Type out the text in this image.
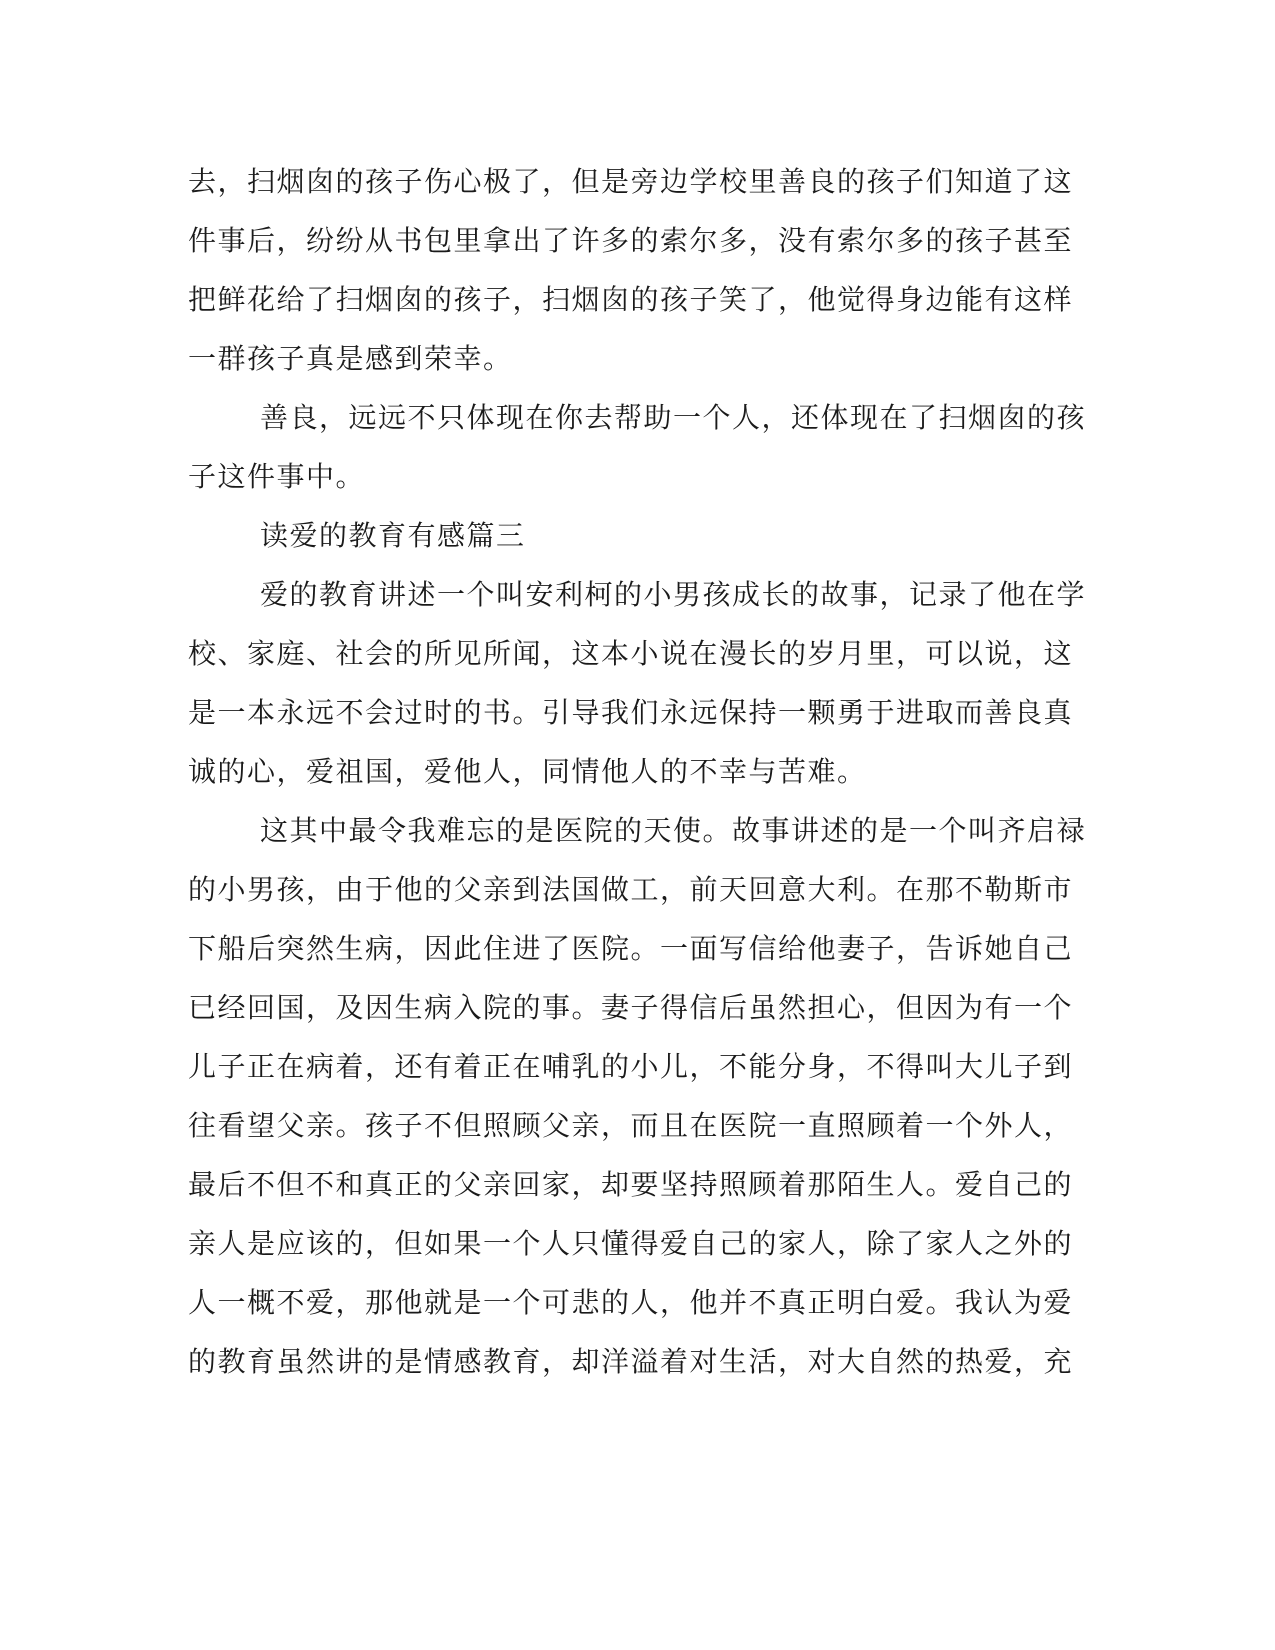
去，扫烟囱的孩子伤心极了，但是旁边学校里善良的孩子们知道了这
件事后，纷纷从书包里拿出了许多的索尔多，没有索尔多的孩子甚至
把鲜花给了扫烟囱的孩子，扫烟囱的孩子笑了，他觉得身边能有这样
一群孩子真是感到荣幸。
善良，远远不只体现在你去帮助一个人，还体现在了扫烟囱的孩
子这件事中。
读爱的教育有感篇三
爱的教育讲述一个叫安利柯的小男孩成长的故事，记录了他在学
校、家庭、社会的所见所闻，这本小说在漫长的岁月里，可以说，这
是一本永远不会过时的书。引导我们永远保持一颗勇于进取而善良真
诚的心，爱祖国，爱他人，同情他人的不幸与苦难。
这其中最令我难忘的是医院的天使。故事讲述的是一个叫齐启禄
的小男孩，由于他的父亲到法国做工，前天回意大利。在那不勒斯市
下船后突然生病，因此住进了医院。一面写信给他妻子，告诉她自己
已经回国，及因生病入院的事。妻子得信后虽然担心，但因为有一个
儿子正在病着，还有着正在哺乳的小儿，不能分身，不得叫大儿子到
往看望父亲。孩子不但照顾父亲，而且在医院一直照顾着一个外人，
最后不但不和真正的父亲回家，却要坚持照顾着那陌生人。爱自己的
亲人是应该的，但如果一个人只懂得爱自己的家人，除了家人之外的
人一概不爱，那他就是一个可悲的人，他并不真正明白爱。我认为爱
的教育虽然讲的是情感教育，却洋溢着对生活，对大自然的热爱，充
